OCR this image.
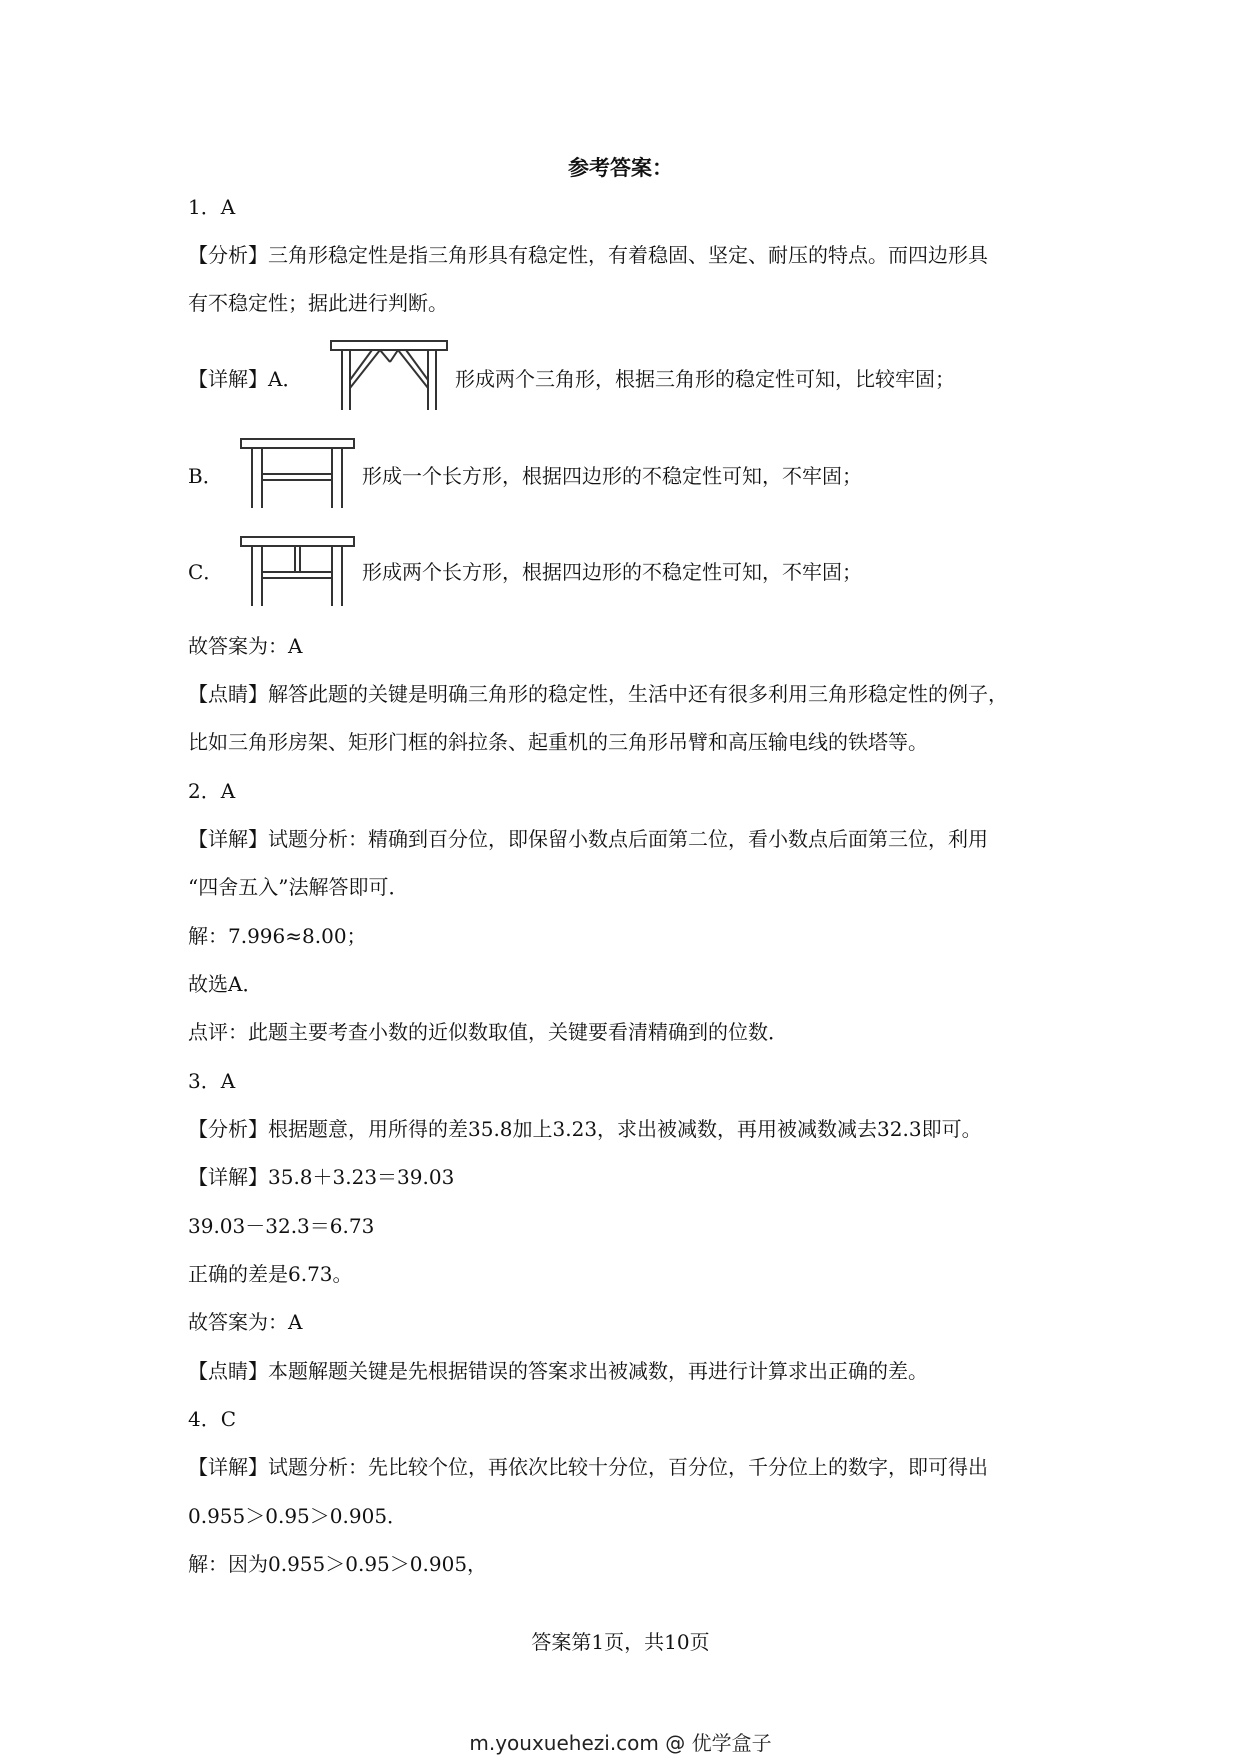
参考答案：
1．A
【分析】三角形稳定性是指三角形具有稳定性，有着稳固、坚定、耐压的特点。而四边形具
有不稳定性；据此进行判断。
【详解】A．	形成两个三角形，根据三角形的稳定性可知，比较牢固；
B．	形成一个长方形，根据四边形的不稳定性可知，不牢固；
C．	形成两个长方形，根据四边形的不稳定性可知，不牢固；
故答案为：A
【点睛】解答此题的关键是明确三角形的稳定性，生活中还有很多利用三角形稳定性的例子，
比如三角形房架、矩形门框的斜拉条、起重机的三角形吊臂和高压输电线的铁塔等。
2．A
【详解】试题分析：精确到百分位，即保留小数点后面第二位，看小数点后面第三位，利用
“四舍五入”法解答即可．
解：7.996≈8.00；
故选A．
点评：此题主要考查小数的近似数取值，关键要看清精确到的位数．
3．A
【分析】根据题意，用所得的差35.8加上3.23，求出被减数，再用被减数减去32.3即可。
【详解】35.8＋3.23＝39.03
39.03－32.3＝6.73
正确的差是6.73。
故答案为：A
【点睛】本题解题关键是先根据错误的答案求出被减数，再进行计算求出正确的差。
4．C
【详解】试题分析：先比较个位，再依次比较十分位，百分位，千分位上的数字，即可得出
0.955＞0.95＞0.905．
解：因为0.955＞0.95＞0.905，
答案第1页，共10页
m.youxuehezi.com @ 优学盒子
